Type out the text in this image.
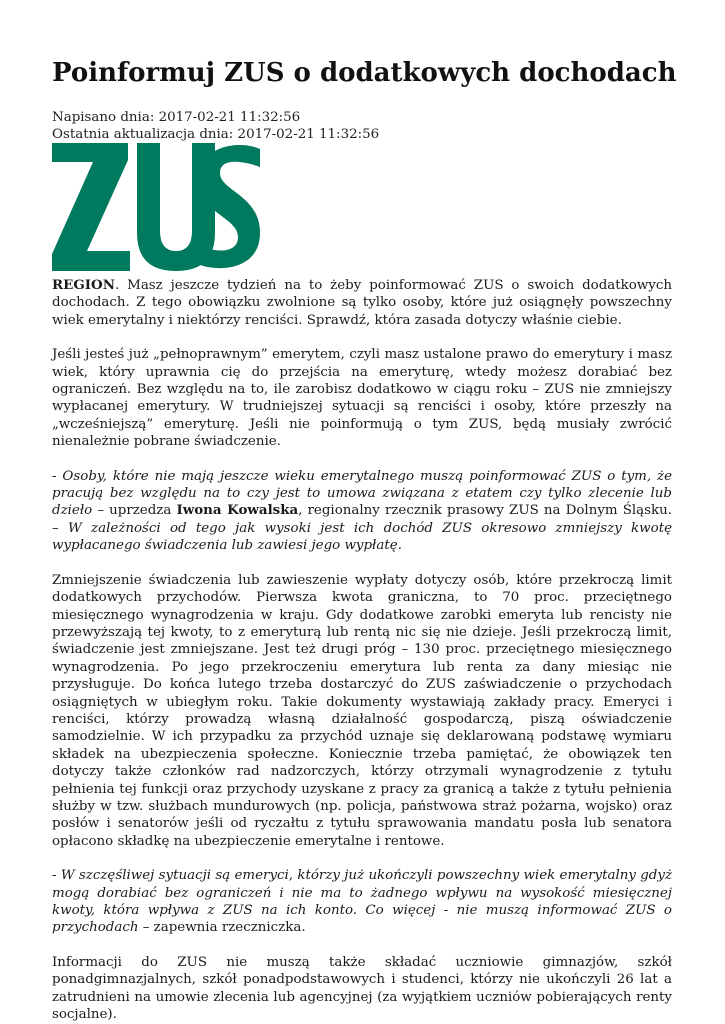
Poinformuj ZUS o dodatkowych dochodach
Napisano dnia: 2017-02-21 11:32:56
Ostatnia aktualizacja dnia: 2017-02-21 11:32:56

REGION. Masz jeszcze tydzień na to żeby poinformować ZUS o swoich dodatkowych dochodach. Z tego obowiązku zwolnione są tylko osoby, które już osiągnęły powszechny wiek emerytalny i niektórzy renciści. Sprawdź, która zasada dotyczy właśnie ciebie.

Jeśli jesteś już „pełnoprawnym” emerytem, czyli masz ustalone prawo do emerytury i masz wiek, który uprawnia cię do przejścia na emeryturę, wtedy możesz dorabiać bez ograniczeń. Bez względu na to, ile zarobisz dodatkowo w ciągu roku – ZUS nie zmniejszy wypłacanej emerytury. W trudniejszej sytuacji są renciści i osoby, które przeszły na „wcześniejszą” emeryturę. Jeśli nie poinformują o tym ZUS, będą musiały zwrócić nienależnie pobrane świadczenie.

- Osoby, które nie mają jeszcze wieku emerytalnego muszą poinformować ZUS o tym, że pracują bez względu na to czy jest to umowa związana z etatem czy tylko zlecenie lub dzieło – uprzedza Iwona Kowalska, regionalny rzecznik prasowy ZUS na Dolnym Śląsku. – W zależności od tego jak wysoki jest ich dochód ZUS okresowo zmniejszy kwotę wypłacanego świadczenia lub zawiesi jego wypłatę.

Zmniejszenie świadczenia lub zawieszenie wypłaty dotyczy osób, które przekroczą limit dodatkowych przychodów. Pierwsza kwota graniczna, to 70 proc. przeciętnego miesięcznego wynagrodzenia w kraju. Gdy dodatkowe zarobki emeryta lub rencisty nie przewyższają tej kwoty, to z emeryturą lub rentą nic się nie dzieje. Jeśli przekroczą limit, świadczenie jest zmniejszane. Jest też drugi próg – 130 proc. przeciętnego miesięcznego wynagrodzenia. Po jego przekroczeniu emerytura lub renta za dany miesiąc nie przysługuje. Do końca lutego trzeba dostarczyć do ZUS zaświadczenie o przychodach osiągniętych w ubiegłym roku. Takie dokumenty wystawiają zakłady pracy. Emeryci i renciści, którzy prowadzą własną działalność gospodarczą, piszą oświadczenie samodzielnie. W ich przypadku za przychód uznaje się deklarowaną podstawę wymiaru składek na ubezpieczenia społeczne. Koniecznie trzeba pamiętać, że obowiązek ten dotyczy także członków rad nadzorczych, którzy otrzymali wynagrodzenie z tytułu pełnienia tej funkcji oraz przychody uzyskane z pracy za granicą a także z tytułu pełnienia służby w tzw. służbach mundurowych (np. policja, państwowa straż pożarna, wojsko) oraz posłów i senatorów jeśli od ryczałtu z tytułu sprawowania mandatu posła lub senatora opłacono składkę na ubezpieczenie emerytalne i rentowe.

- W szczęśliwej sytuacji są emeryci, którzy już ukończyli powszechny wiek emerytalny gdyż mogą dorabiać bez ograniczeń i nie ma to żadnego wpływu na wysokość miesięcznej kwoty, która wpływa z ZUS na ich konto. Co więcej - nie muszą informować ZUS o przychodach – zapewnia rzeczniczka.

Informacji do ZUS nie muszą także składać uczniowie gimnazjów, szkół ponadgimnazjalnych, szkół ponadpodstawowych i studenci, którzy nie ukończyli 26 lat a zatrudnieni na umowie zlecenia lub agencyjnej (za wyjątkiem uczniów pobierających renty socjalne).
